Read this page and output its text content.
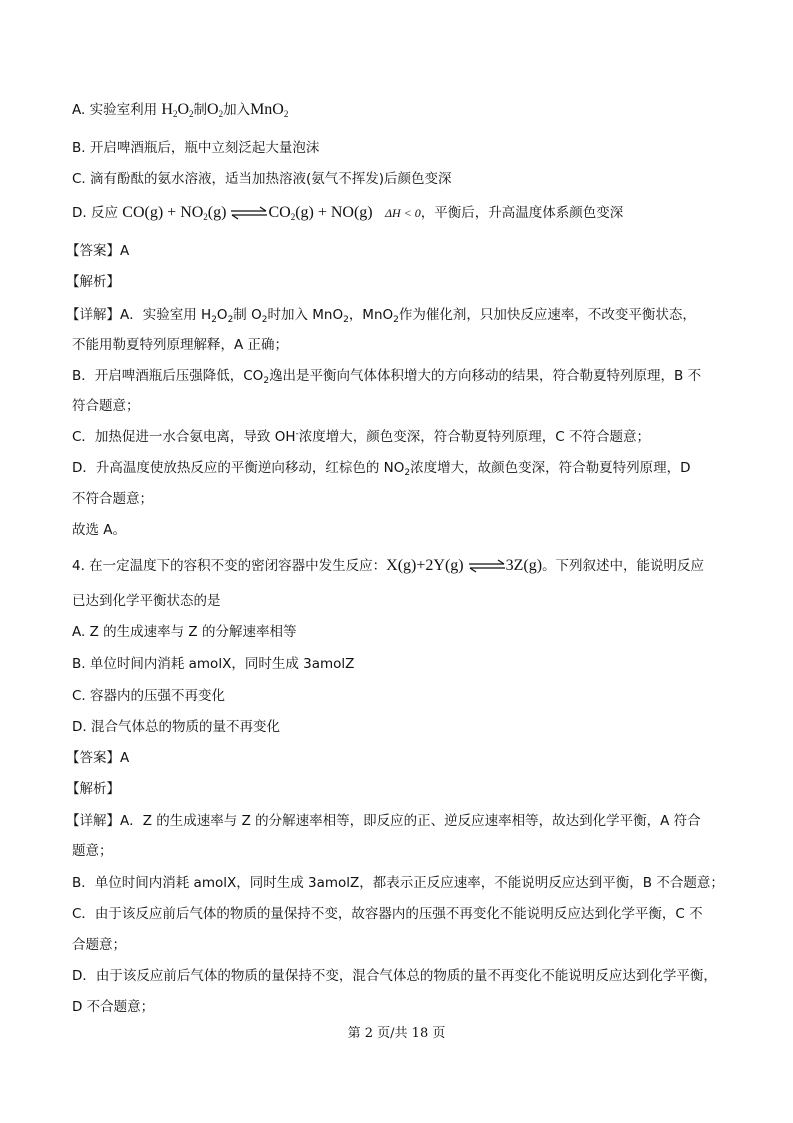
A. 实验室利用 $H_2O_2$制$O_2$加入MnO$_2$
B. 开启啤酒瓶后，瓶中立刻泛起大量泡沫
C. 滴有酚酞的氨水溶液，适当加热溶液(氨气不挥发)后颜色变深
D. 反应 $CO(g) + NO_2(g)$ $\rightleftharpoons CO_2(g) + NO(g) \Delta H < 0$，平衡后，升高温度体系颜色变深
【答案】A
【解析】
【详解】A．实验室用 $H_2O_2$制 $O_2$时加入 MnO$_2$，MnO$_2$作为催化剂，只加快反应速率，不改变平衡状态，
不能用勒夏特列原理解释，A 正确；
B．开启啤酒瓶后压强降低，$CO_2$逸出是平衡向气体体积增大的方向移动的结果，符合勒夏特列原理，B 不
符合题意；
C．加热促进一水合氨电离，导致 OH-浓度增大，颜色变深，符合勒夏特列原理，C 不符合题意；
D．升高温度使放热反应的平衡逆向移动，红棕色的 $NO_2$浓度增大，故颜色变深，符合勒夏特列原理，D
不符合题意；
故选 A。
4. 在一定温度下的容积不变的密闭容器中发生反应：X(g)+2Y(g) ⇌3Z(g)。下列叙述中，能说明反应
已达到化学平衡状态的是
A. Z 的生成速率与 Z 的分解速率相等
B. 单位时间内消耗 amolX，同时生成 3amolZ
C. 容器内的压强不再变化
D. 混合气体总的物质的量不再变化
【答案】A
【解析】
【详解】A．Z 的生成速率与 Z 的分解速率相等，即反应的正、逆反应速率相等，故达到化学平衡，A 符合
题意；
B．单位时间内消耗 amolX，同时生成 3amolZ，都表示正反应速率，不能说明反应达到平衡，B 不合题意；
C．由于该反应前后气体的物质的量保持不变，故容器内的压强不再变化不能说明反应达到化学平衡，C 不
合题意；
D．由于该反应前后气体的物质的量保持不变，混合气体总的物质的量不再变化不能说明反应达到化学平衡，
D 不合题意；
第 2 页/共 18 页
